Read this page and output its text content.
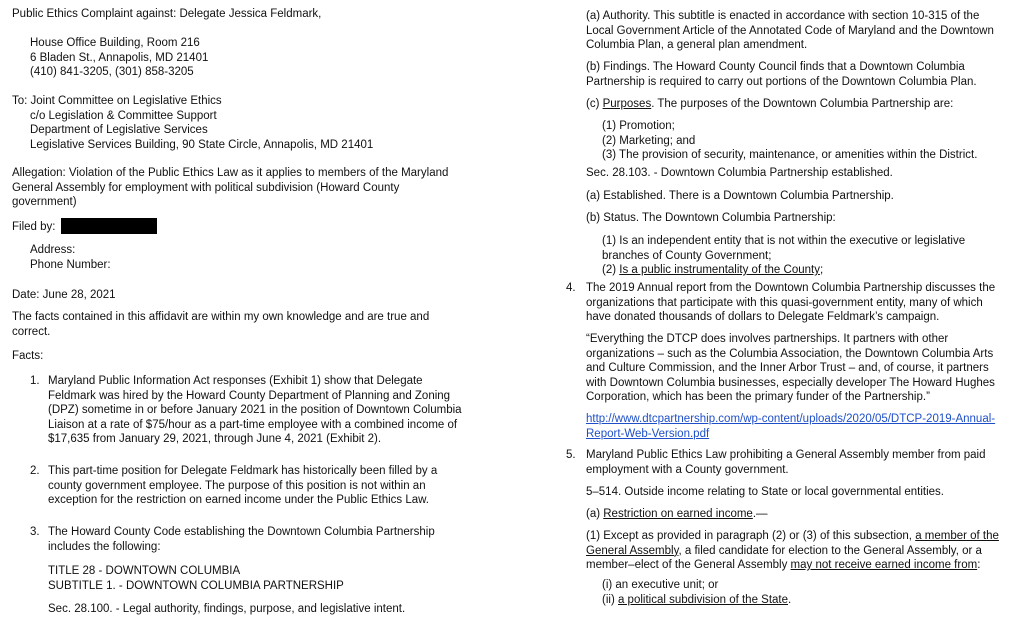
Public Ethics Complaint against: Delegate Jessica Feldmark,
House Office Building, Room 216
6 Bladen St., Annapolis, MD 21401
(410) 841-3205, (301) 858-3205
To: Joint Committee on Legislative Ethics
c/o Legislation & Committee Support
Department of Legislative Services
Legislative Services Building, 90 State Circle, Annapolis, MD 21401
Allegation: Violation of the Public Ethics Law as it applies to members of the Maryland
General Assembly for employment with political subdivision (Howard County
government)
Filed by:
Address:
Phone Number:
Date: June 28, 2021
The facts contained in this affidavit are within my own knowledge and are true and
correct.
Facts:
1. Maryland Public Information Act responses (Exhibit 1) show that Delegate
Feldmark was hired by the Howard County Department of Planning and Zoning
(DPZ) sometime in or before January 2021 in the position of Downtown Columbia
Liaison at a rate of $75/hour as a part-time employee with a combined income of
$17,635 from January 29, 2021, through June 4, 2021 (Exhibit 2).
2. This part-time position for Delegate Feldmark has historically been filled by a
county government employee. The purpose of this position is not within an
exception for the restriction on earned income under the Public Ethics Law.
3. The Howard County Code establishing the Downtown Columbia Partnership
includes the following:
TITLE 28 - DOWNTOWN COLUMBIA
SUBTITLE 1. - DOWNTOWN COLUMBIA PARTNERSHIP
Sec. 28.100. - Legal authority, findings, purpose, and legislative intent.
(a) Authority. This subtitle is enacted in accordance with section 10-315 of the
Local Government Article of the Annotated Code of Maryland and the Downtown
Columbia Plan, a general plan amendment.
(b) Findings. The Howard County Council finds that a Downtown Columbia
Partnership is required to carry out portions of the Downtown Columbia Plan.
(c) Purposes. The purposes of the Downtown Columbia Partnership are:
(1) Promotion;
(2) Marketing; and
(3) The provision of security, maintenance, or amenities within the District.
Sec. 28.103. - Downtown Columbia Partnership established.
(a) Established. There is a Downtown Columbia Partnership.
(b) Status. The Downtown Columbia Partnership:
(1) Is an independent entity that is not within the executive or legislative
branches of County Government;
(2) Is a public instrumentality of the County;
4. The 2019 Annual report from the Downtown Columbia Partnership discusses the
organizations that participate with this quasi-government entity, many of which
have donated thousands of dollars to Delegate Feldmark’s campaign.
“Everything the DTCP does involves partnerships. It partners with other
organizations – such as the Columbia Association, the Downtown Columbia Arts
and Culture Commission, and the Inner Arbor Trust – and, of course, it partners
with Downtown Columbia businesses, especially developer The Howard Hughes
Corporation, which has been the primary funder of the Partnership.”
http://www.dtcpartnership.com/wp-content/uploads/2020/05/DTCP-2019-Annual-
Report-Web-Version.pdf
5. Maryland Public Ethics Law prohibiting a General Assembly member from paid
employment with a County government.
5–514. Outside income relating to State or local governmental entities.
(a) Restriction on earned income.—
(1) Except as provided in paragraph (2) or (3) of this subsection, a member of the
General Assembly, a filed candidate for election to the General Assembly, or a
member–elect of the General Assembly may not receive earned income from:
(i) an executive unit; or
(ii) a political subdivision of the State.
